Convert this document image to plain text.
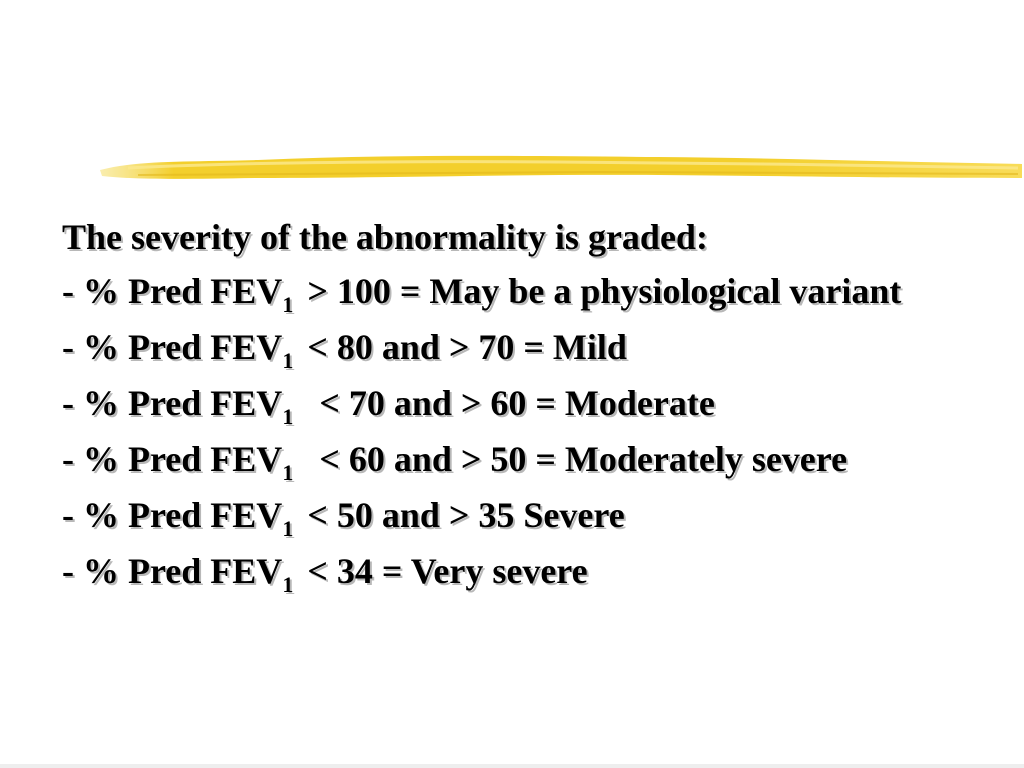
The severity of the abnormality is graded:
- % Pred $FEV_1 > 100$ = May be a physiological variant
- % Pred $FEV_1 < 80$ and > 70 = Mild
- % Pred $FEV_1 < 70$ and > 60 = Moderate
- % Pred $FEV_1 < 60$ and > 50 = Moderately severe
- % Pred $FEV_1 < 50$ and > 35 Severe
- % Pred $FEV_1 < 34$ = Very severe
